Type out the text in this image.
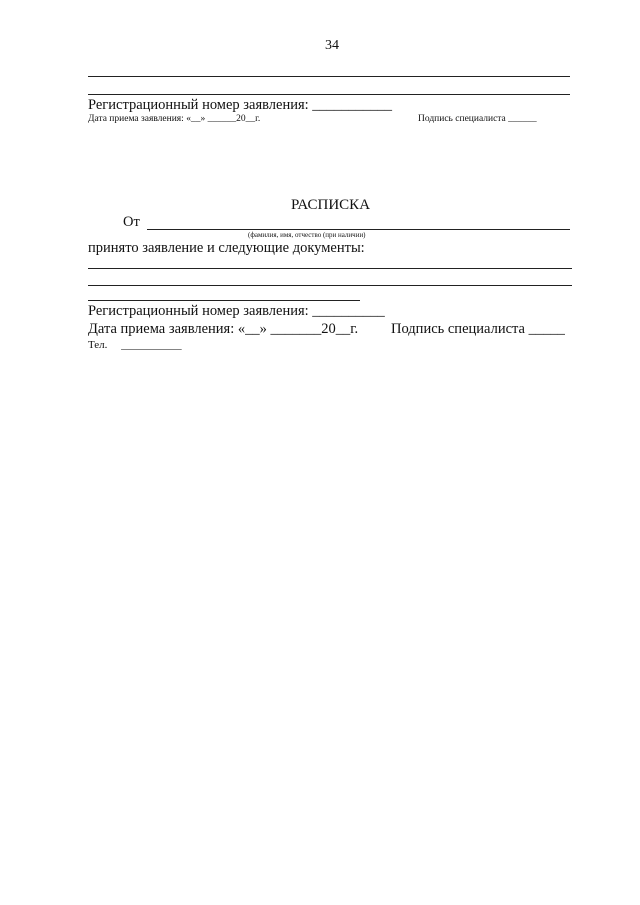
34
Регистрационный номер заявления: ___________
Дата приема заявления: «__» ______20__г.	Подпись специалиста ______
РАСПИСКА
От
(фамилия, имя, отчество (при наличии)
принято заявление и следующие документы:
Регистрационный номер заявления: __________
Дата приема заявления: «__» _______20__г. Подпись специалиста _____
Тел.     ___________
